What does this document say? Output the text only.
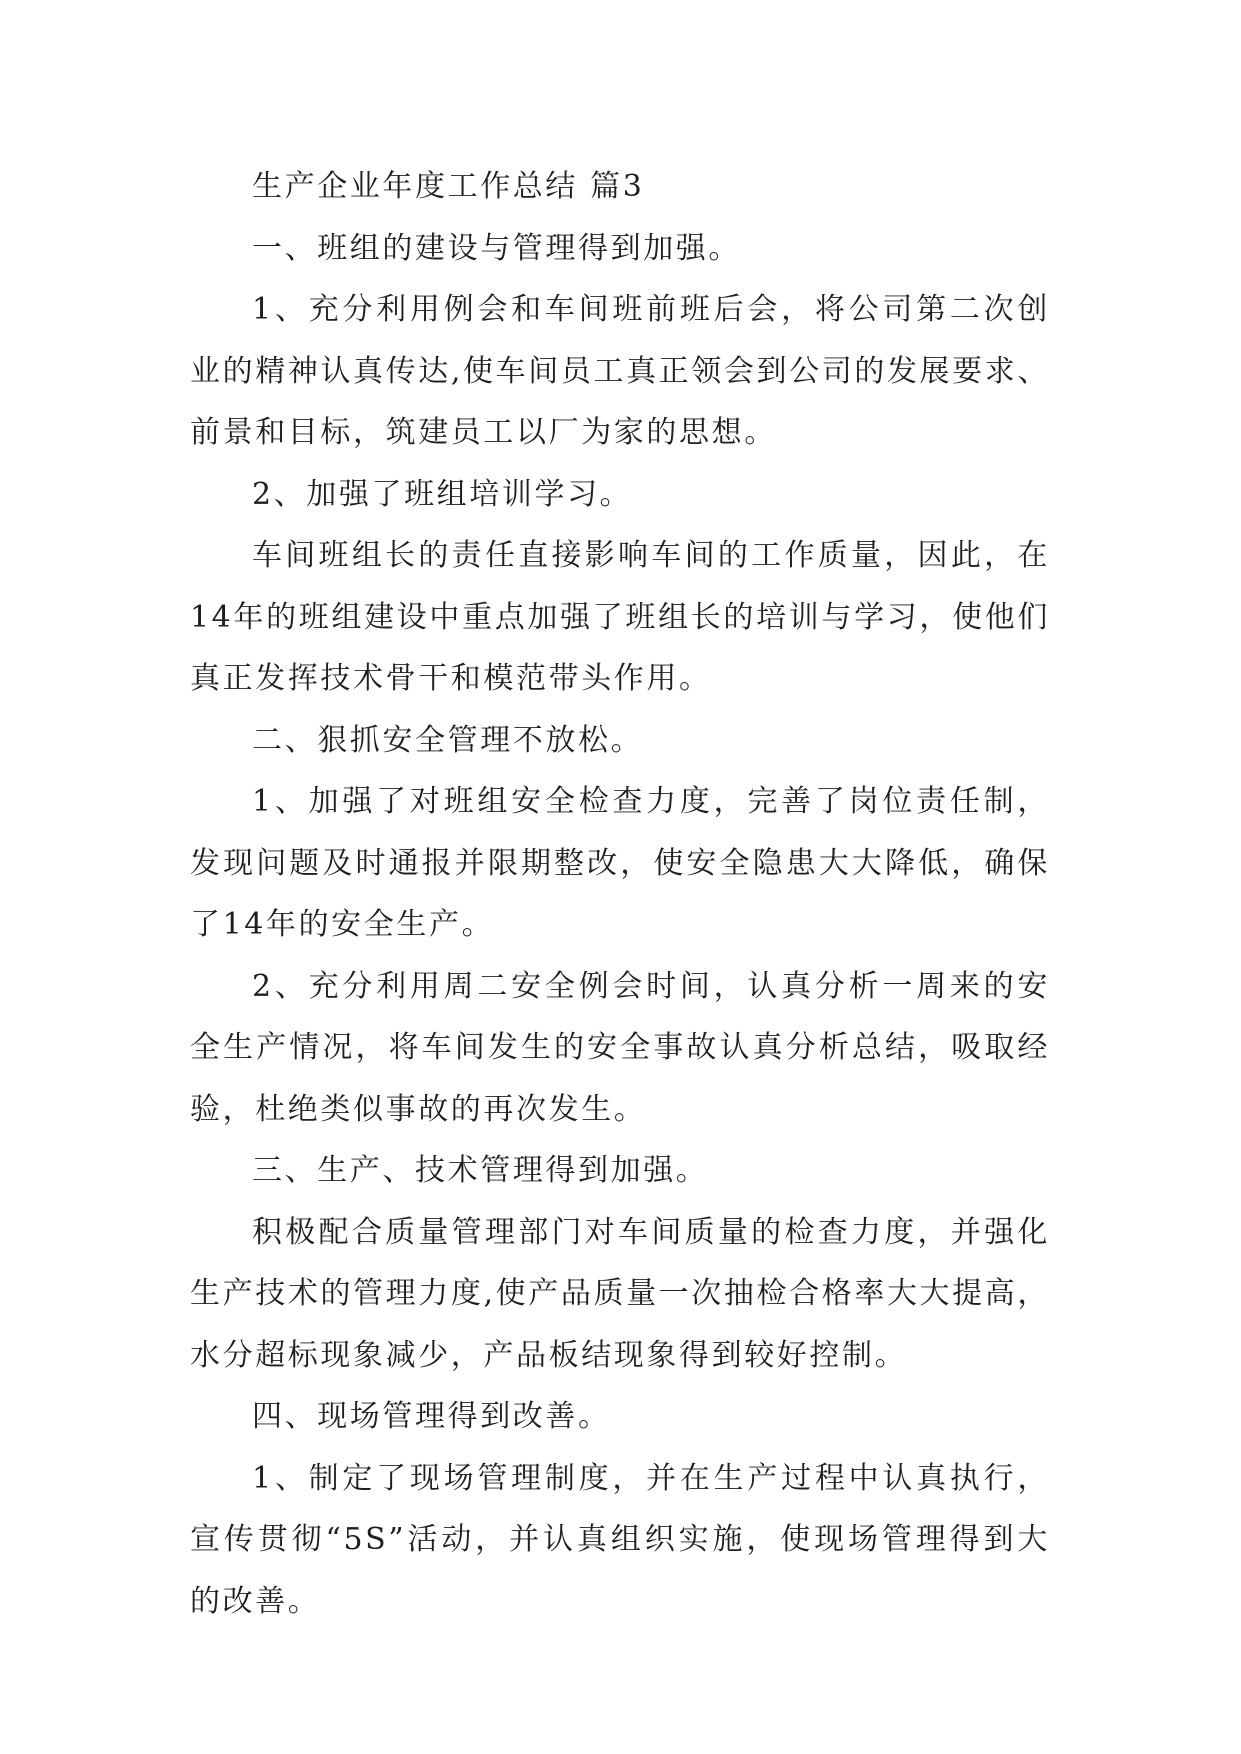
生产企业年度工作总结 篇3

一、班组的建设与管理得到加强。

1、充分利用例会和车间班前班后会，将公司第二次创业的精神认真传达,使车间员工真正领会到公司的发展要求、前景和目标，筑建员工以厂为家的思想。

2、加强了班组培训学习。

车间班组长的责任直接影响车间的工作质量，因此，在14年的班组建设中重点加强了班组长的培训与学习，使他们真正发挥技术骨干和模范带头作用。

二、狠抓安全管理不放松。

1、加强了对班组安全检查力度，完善了岗位责任制，发现问题及时通报并限期整改，使安全隐患大大降低，确保了14年的安全生产。

2、充分利用周二安全例会时间，认真分析一周来的安全生产情况，将车间发生的安全事故认真分析总结，吸取经验，杜绝类似事故的再次发生。

三、生产、技术管理得到加强。

积极配合质量管理部门对车间质量的检查力度，并强化生产技术的管理力度,使产品质量一次抽检合格率大大提高，水分超标现象减少，产品板结现象得到较好控制。

四、现场管理得到改善。

1、制定了现场管理制度，并在生产过程中认真执行，宣传贯彻“5S”活动，并认真组织实施，使现场管理得到大的改善。
